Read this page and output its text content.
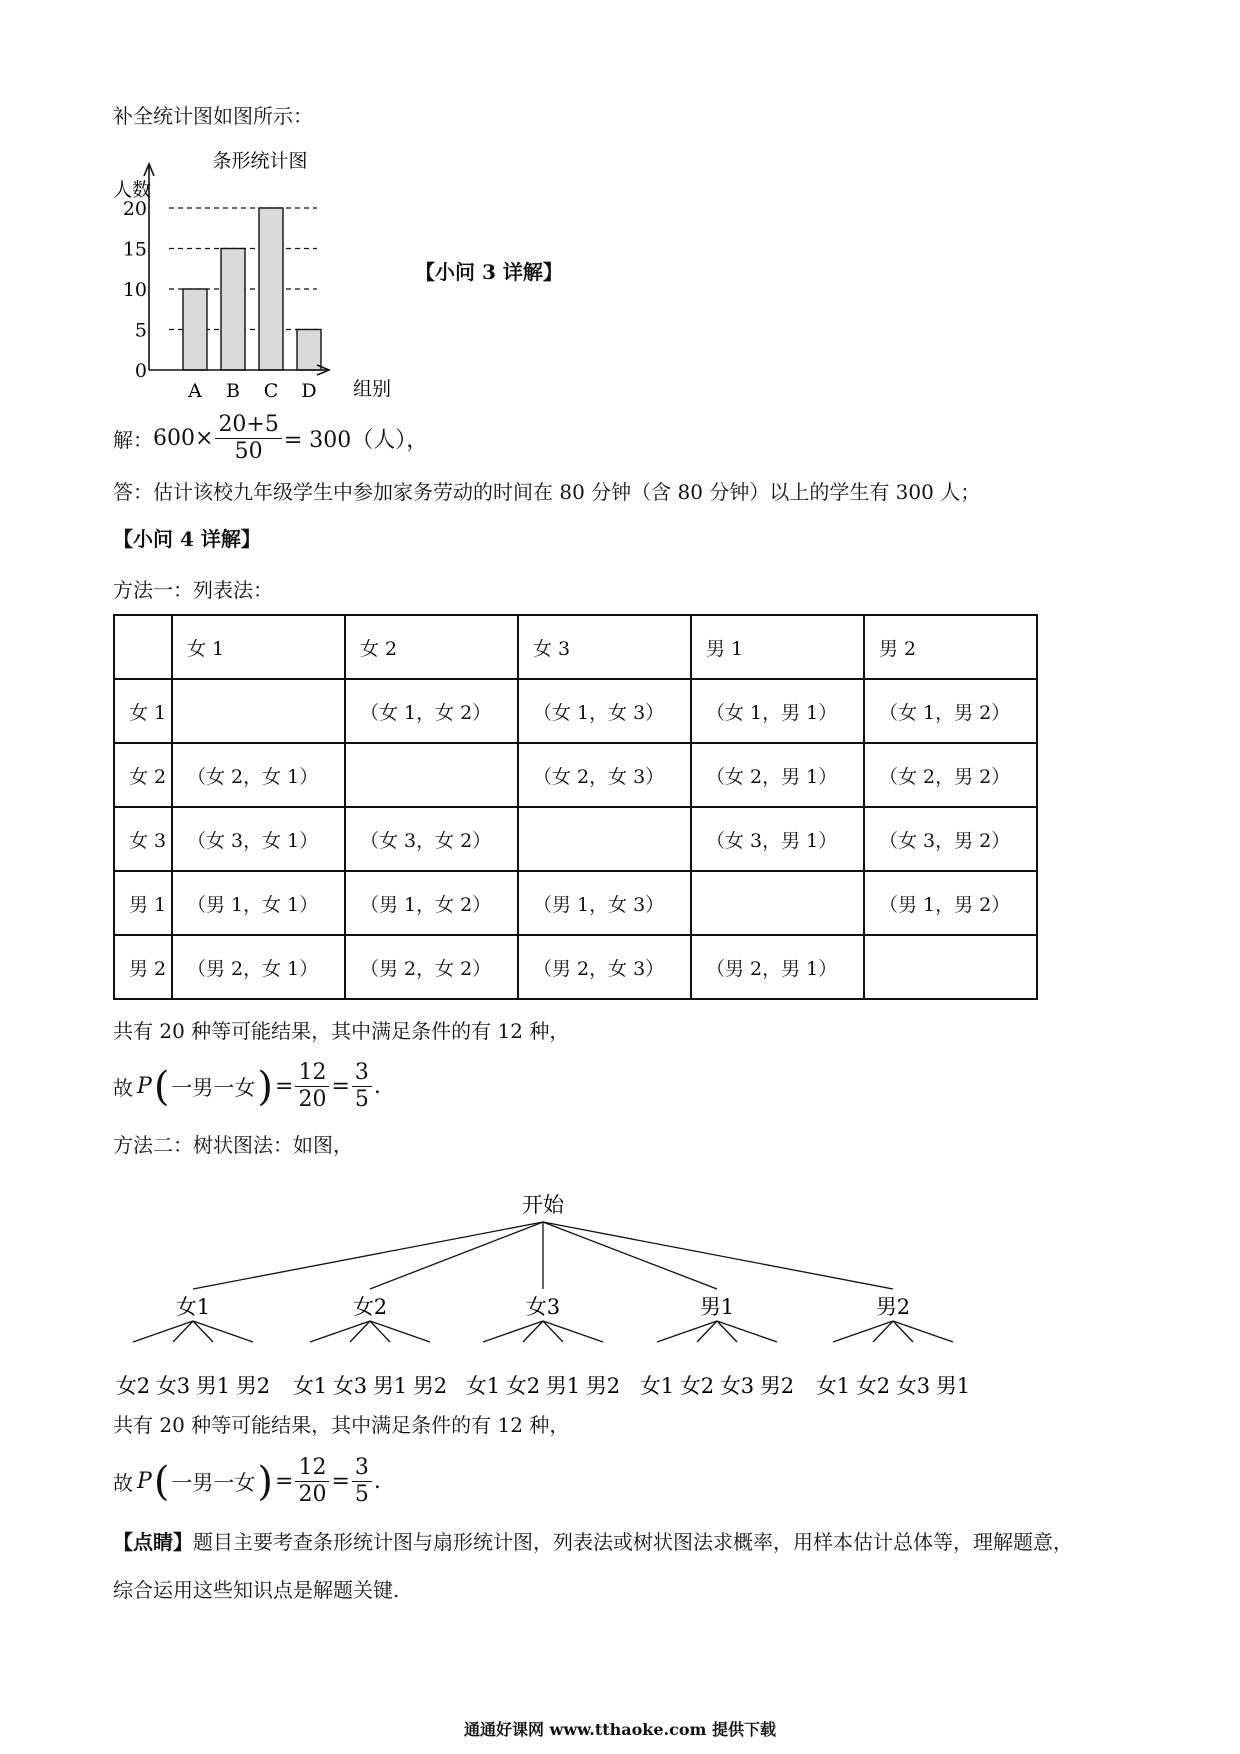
补全统计图如图所示：
条形统计图
人数
组别
0
5
10
15
20
A B C D
【小问 3 详解】
解： $600\times \frac{20+5}{50} = 300$（人），
答：估计该校九年级学生中参加家务劳动的时间在 80 分钟（含 80 分钟）以上的学生有 300 人；
【小问 4 详解】
方法一：列表法：
	女 1	女 2	女 3	男 1	男 2
女 1		（女 1，女 2）	（女 1，女 3）	（女 1，男 1）	（女 1，男 2）
女 2	（女 2，女 1）		（女 2，女 3）	（女 2，男 1）	（女 2，男 2）
女 3	（女 3，女 1）	（女 3，女 2）		（女 3，男 1）	（女 3，男 2）
男 1	（男 1，女 1）	（男 1，女 2）	（男 1，女 3）		（男 1，男 2）
男 2	（男 2，女 1）	（男 2，女 2）	（男 2，女 3）	（男 2，男 1）	
共有 20 种等可能结果，其中满足条件的有 12 种，
故 P ( 一男一女 ) = $\frac{12}{20} = \frac{3}{5}$ .
方法二：树状图法：如图，
开始
女1
女2 女3 男1 男2
女2
女1 女3 男1 男2
女3
女1 女2 男1 男2
男1
女1 女2 女3 男2
男2
女1 女2 女3 男1
共有 20 种等可能结果，其中满足条件的有 12 种，
故 P ( 一男一女 ) = $\frac{12}{20} = \frac{3}{5}$ .
【点睛】题目主要考查条形统计图与扇形统计图，列表法或树状图法求概率，用样本估计总体等，理解题意，
综合运用这些知识点是解题关键.
通通好课网 www.tthaoke.com 提供下载
